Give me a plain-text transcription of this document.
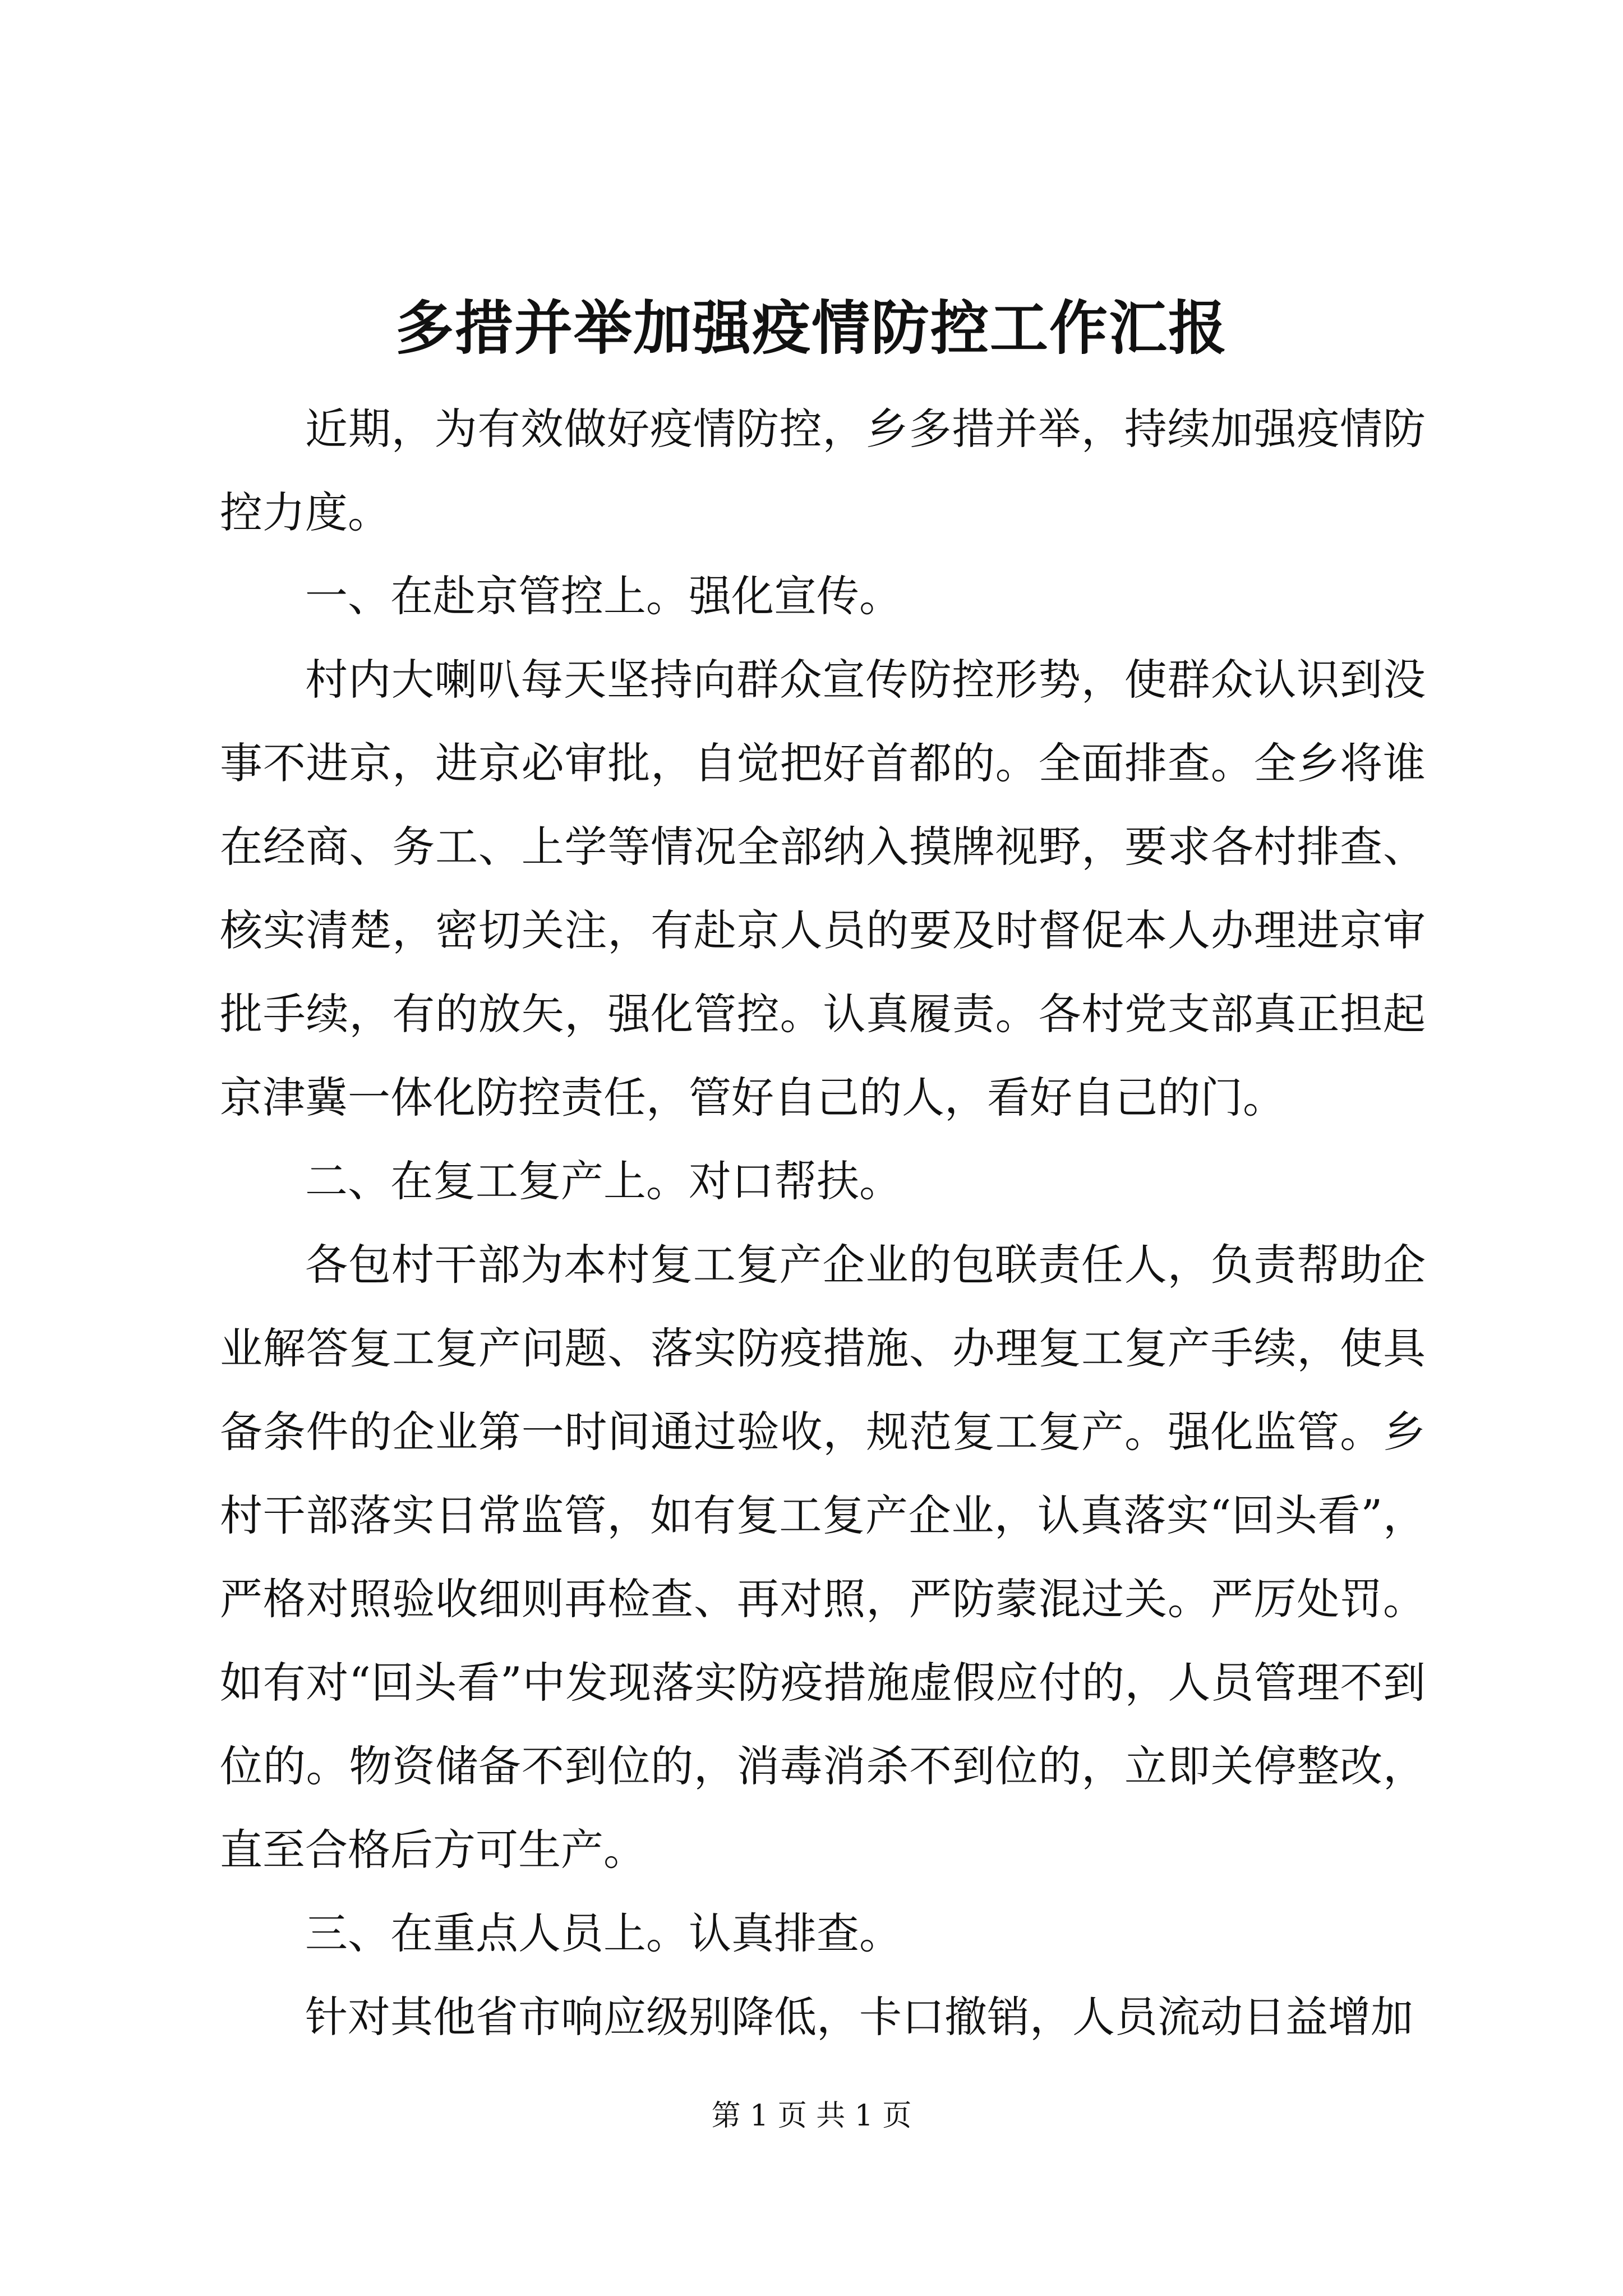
多措并举加强疫情防控工作汇报

近期，为有效做好疫情防控，乡多措并举，持续加强疫情防控力度。

一、在赴京管控上。强化宣传。

村内大喇叭每天坚持向群众宣传防控形势，使群众认识到没事不进京，进京必审批，自觉把好首都的。全面排查。全乡将谁在经商、务工、上学等情况全部纳入摸牌视野，要求各村排查、核实清楚，密切关注，有赴京人员的要及时督促本人办理进京审批手续，有的放矢，强化管控。认真履责。各村党支部真正担起京津冀一体化防控责任，管好自己的人，看好自己的门。

二、在复工复产上。对口帮扶。

各包村干部为本村复工复产企业的包联责任人，负责帮助企业解答复工复产问题、落实防疫措施、办理复工复产手续，使具备条件的企业第一时间通过验收，规范复工复产。强化监管。乡村干部落实日常监管，如有复工复产企业，认真落实“回头看”，严格对照验收细则再检查、再对照，严防蒙混过关。严厉处罚。如有对“回头看”中发现落实防疫措施虚假应付的，人员管理不到位的。物资储备不到位的，消毒消杀不到位的，立即关停整改，直至合格后方可生产。

三、在重点人员上。认真排查。

针对其他省市响应级别降低，卡口撤销，人员流动日益增加

第 1 页 共 1 页
